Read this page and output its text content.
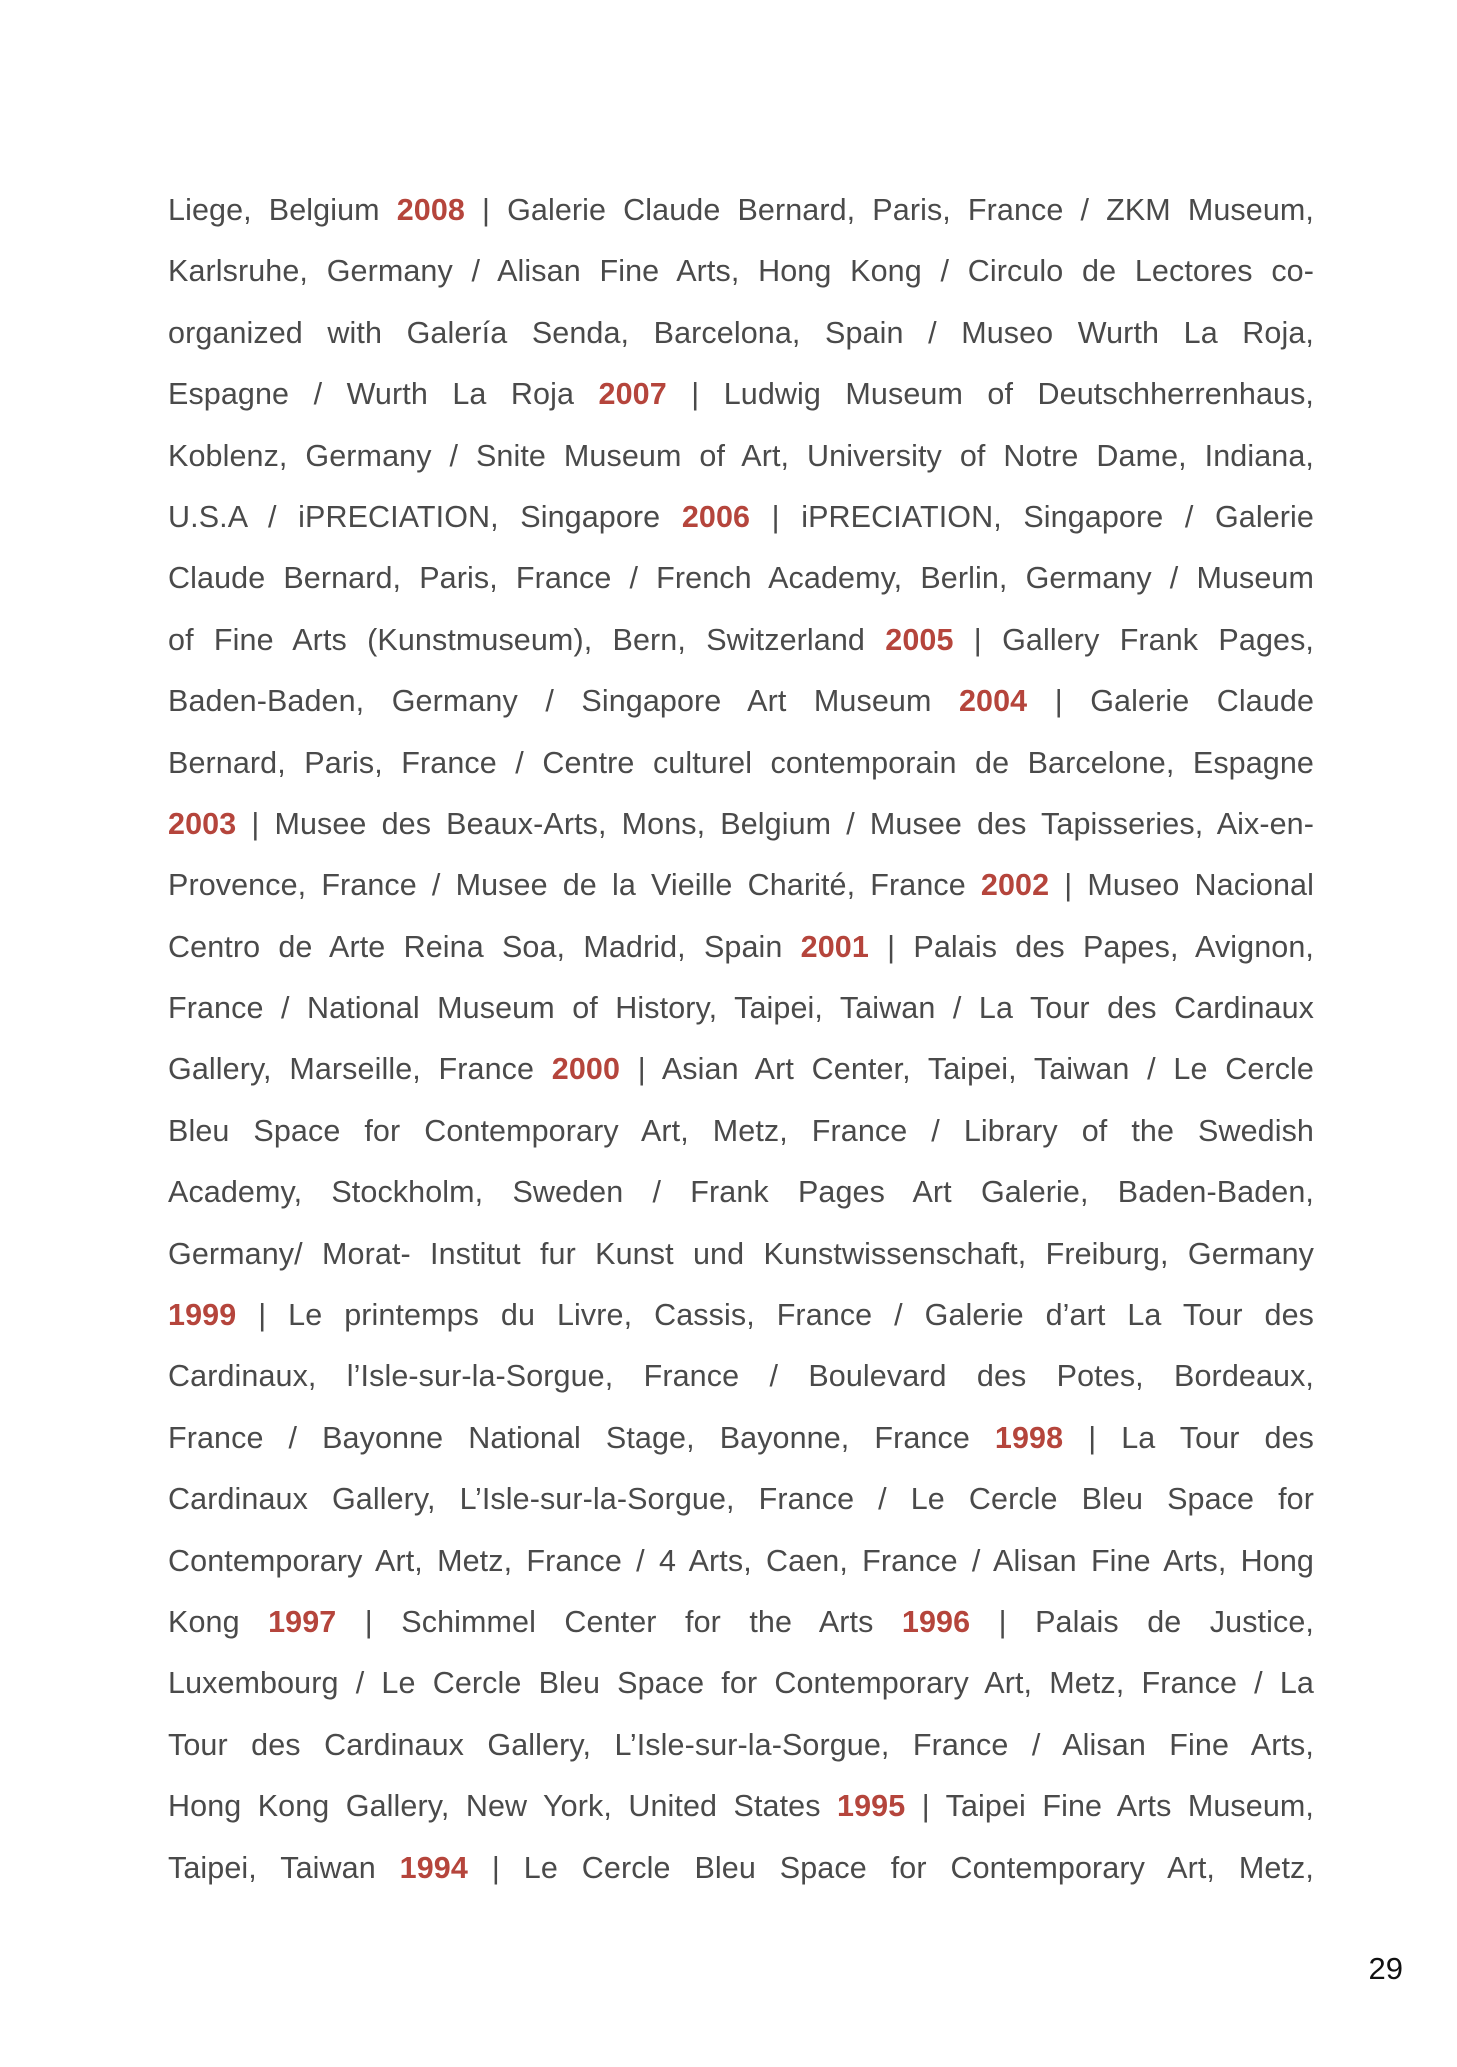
Liege, Belgium 2008 | Galerie Claude Bernard, Paris, France / ZKM Museum,
Karlsruhe, Germany / Alisan Fine Arts, Hong Kong / Circulo de Lectores co-
organized with Galería Senda, Barcelona, Spain / Museo Wurth La Roja,
Espagne / Wurth La Roja 2007 | Ludwig Museum of Deutschherrenhaus,
Koblenz, Germany / Snite Museum of Art, University of Notre Dame, Indiana,
U.S.A / iPRECIATION, Singapore 2006 | iPRECIATION, Singapore / Galerie
Claude Bernard, Paris, France / French Academy, Berlin, Germany / Museum
of Fine Arts (Kunstmuseum), Bern, Switzerland 2005 | Gallery Frank Pages,
Baden-Baden, Germany / Singapore Art Museum 2004 | Galerie Claude
Bernard, Paris, France / Centre culturel contemporain de Barcelone, Espagne
2003 | Musee des Beaux-Arts, Mons, Belgium / Musee des Tapisseries, Aix-en-
Provence, France / Musee de la Vieille Charité, France 2002 | Museo Nacional
Centro de Arte Reina Soa, Madrid, Spain 2001 | Palais des Papes, Avignon,
France / National Museum of History, Taipei, Taiwan / La Tour des Cardinaux
Gallery, Marseille, France 2000 | Asian Art Center, Taipei, Taiwan / Le Cercle
Bleu Space for Contemporary Art, Metz, France / Library of the Swedish
Academy, Stockholm, Sweden / Frank Pages Art Galerie, Baden-Baden,
Germany/ Morat- Institut fur Kunst und Kunstwissenschaft, Freiburg, Germany
1999 | Le printemps du Livre, Cassis, France / Galerie d’art La Tour des
Cardinaux, l’Isle-sur-la-Sorgue, France / Boulevard des Potes, Bordeaux,
France / Bayonne National Stage, Bayonne, France 1998 | La Tour des
Cardinaux Gallery, L’Isle-sur-la-Sorgue, France / Le Cercle Bleu Space for
Contemporary Art, Metz, France / 4 Arts, Caen, France / Alisan Fine Arts, Hong
Kong 1997 | Schimmel Center for the Arts 1996 | Palais de Justice,
Luxembourg / Le Cercle Bleu Space for Contemporary Art, Metz, France / La
Tour des Cardinaux Gallery, L’Isle-sur-la-Sorgue, France / Alisan Fine Arts,
Hong Kong Gallery, New York, United States 1995 | Taipei Fine Arts Museum,
Taipei, Taiwan 1994 | Le Cercle Bleu Space for Contemporary Art, Metz,
29
